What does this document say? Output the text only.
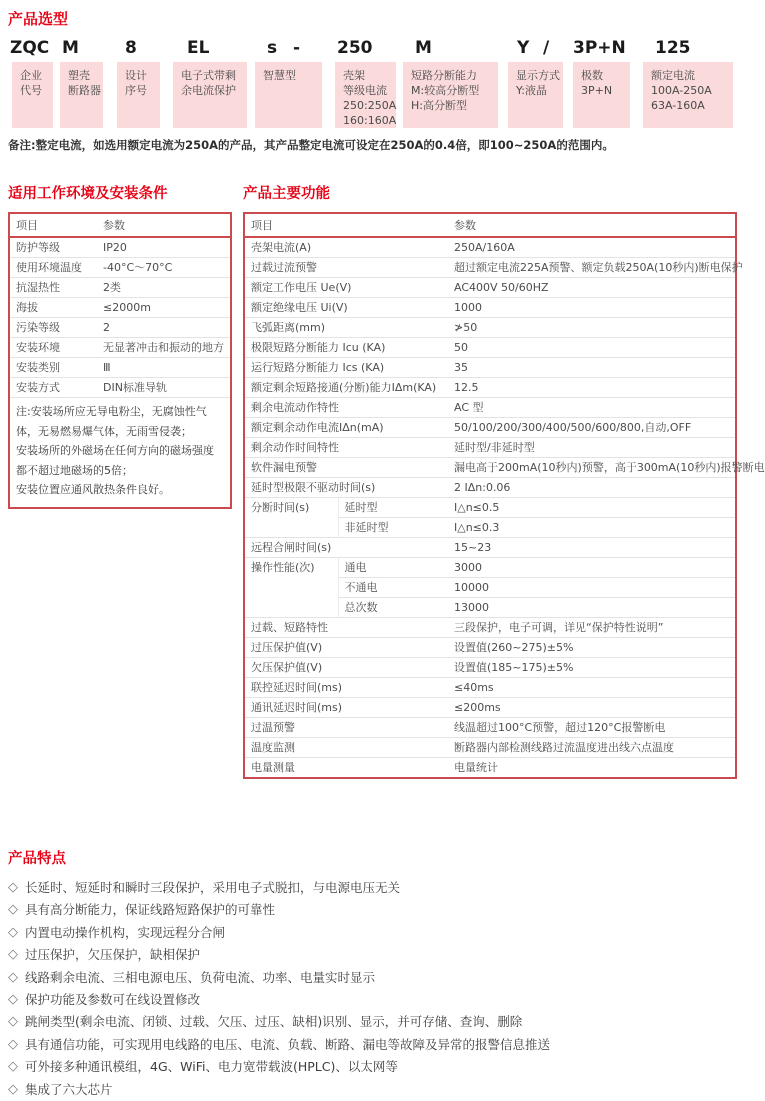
产品选型
ZQC M	8	EL	s	250	M	Y	3P+N 125
-	/
企业
代号
塑壳
断路器
设计
序号
电子式带剩
余电流保护
智慧型	壳架
等级电流
250:250A
160:160A
短路分断能力
M:较高分断型
H:高分断型
显示方式
Y:液晶
极数
3P+N
额定电流
100A-250A
63A-160A
备注:整定电流，如选用额定电流为250A的产品，其产品整定电流可设定在250A的0.4倍，即100~250A的范围内。
适用工作环境及安装条件
项目	参数
防护等级	IP20
使用环境温度	-40°C～70°C
抗湿热性	2类
海拔	≤2000m
污染等级	2
安装环境	无显著冲击和振动的地方
安装类别	Ⅲ
安装方式	DIN标准导轨

注:安装场所应无导电粉尘，无腐蚀性气体，无易燃易爆气体，无雨雪侵袭；
安装场所的外磁场在任何方向的磁场强度都不超过地磁场的5倍；
安装位置应通风散热条件良好。	
产品主要功能
项目		参数
壳架电流(A)		250A/160A
过载过流预警		超过额定电流225A预警、额定负载250A(10秒内)断电保护
额定工作电压 Ue(V)		AC400V 50/60HZ
额定绝缘电压 Ui(V)		1000
飞弧距离(mm)		≯50
极限短路分断能力 Icu (KA)		50
运行短路分断能力 Ics (KA)		35
额定剩余短路接通(分断)能力IΔm(KA)		12.5
剩余电流动作特性		AC 型
额定剩余动作电流IΔn(mA)		50/100/200/300/400/500/600/800,自动,OFF
剩余动作时间特性		延时型/非延时型
软件漏电预警		漏电高于200mA(10秒内)预警，高于300mA(10秒内)报警断电
延时型极限不驱动时间(s)		2 IΔn:0.06
分断时间(s)	延时型	I△n≤0.5
	非延时型	I△n≤0.3
远程合闸时间(s)		15~23
操作性能(次)	通电	3000
	不通电	10000
	总次数	13000
过载、短路特性		三段保护，电子可调，详见“保护特性说明”
过压保护值(V)		设置值(260~275)±5%
欠压保护值(V)		设置值(185~175)±5%
联控延迟时间(ms)		≤40ms
通讯延迟时间(ms)		≤200ms
过温预警		线温超过100°C预警，超过120°C报警断电
温度监测		断路器内部检测线路过流温度进出线六点温度
电量测量		电量统计
产品特点
◇ 长延时、短延时和瞬时三段保护，采用电子式脱扣，与电源电压无关
◇ 具有高分断能力，保证线路短路保护的可靠性
◇ 内置电动操作机构，实现远程分合闸
◇ 过压保护，欠压保护，缺相保护
◇ 线路剩余电流、三相电源电压、负荷电流、功率、电量实时显示
◇ 保护功能及参数可在线设置修改
◇ 跳闸类型(剩余电流、闭锁、过载、欠压、过压、缺相)识别、显示，并可存储、查询、删除
◇ 具有通信功能，可实现用电线路的电压、电流、负载、断路、漏电等故障及异常的报警信息推送
◇ 可外接多种通讯模组，4G、WiFi、电力宽带载波(HPLC)、以太网等
◇ 集成了六大芯片
